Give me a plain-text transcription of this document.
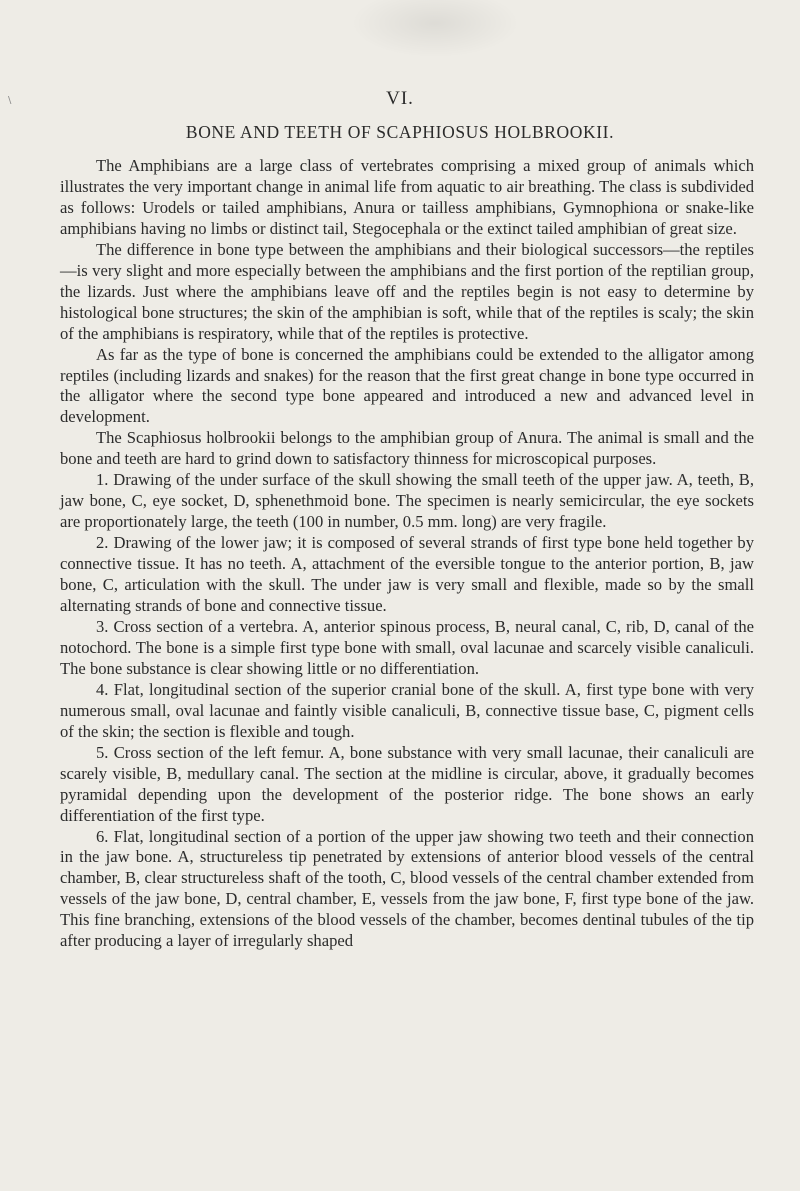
\	VI.
BONE AND TEETH OF SCAPHIOSUS HOLBROOKII.

The Amphibians are a large class of vertebrates comprising a mixed group of animals which illustrates the very important change in animal life from aquatic to air breathing. The class is subdivided as follows: Urodels or tailed amphibians, Anura or tailless amphibians, Gymnophiona or snake-like amphibians having no limbs or distinct tail, Stegocephala or the extinct tailed amphibian of great size.

The difference in bone type between the amphibians and their biological successors—the reptiles—is very slight and more especially between the amphibians and the first portion of the reptilian group, the lizards. Just where the amphibians leave off and the reptiles begin is not easy to determine by histological bone structures; the skin of the amphibian is soft, while that of the reptiles is scaly; the skin of the amphibians is respiratory, while that of the reptiles is protective.

As far as the type of bone is concerned the amphibians could be extended to the alligator among reptiles (including lizards and snakes) for the reason that the first great change in bone type occurred in the alligator where the second type bone appeared and introduced a new and advanced level in development.

The Scaphiosus holbrookii belongs to the amphibian group of Anura. The animal is small and the bone and teeth are hard to grind down to satisfactory thinness for microscopical purposes.

1. Drawing of the under surface of the skull showing the small teeth of the upper jaw. A, teeth, B, jaw bone, C, eye socket, D, sphenethmoid bone. The specimen is nearly semicircular, the eye sockets are proportionately large, the teeth (100 in number, 0.5 mm. long) are very fragile.

2. Drawing of the lower jaw; it is composed of several strands of first type bone held together by connective tissue. It has no teeth. A, attachment of the eversible tongue to the anterior portion, B, jaw bone, C, articulation with the skull. The under jaw is very small and flexible, made so by the small alternating strands of bone and connective tissue.

3. Cross section of a vertebra. A, anterior spinous process, B, neural canal, C, rib, D, canal of the notochord. The bone is a simple first type bone with small, oval lacunae and scarcely visible canaliculi. The bone substance is clear showing little or no differentiation.

4. Flat, longitudinal section of the superior cranial bone of the skull. A, first type bone with very numerous small, oval lacunae and faintly visible canaliculi, B, connective tissue base, C, pigment cells of the skin; the section is flexible and tough.

5. Cross section of the left femur. A, bone substance with very small lacunae, their canaliculi are scarely visible, B, medullary canal. The section at the midline is circular, above, it gradually becomes pyramidal depending upon the development of the posterior ridge. The bone shows an early differentiation of the first type.

6. Flat, longitudinal section of a portion of the upper jaw showing two teeth and their connection in the jaw bone. A, structureless tip penetrated by extensions of anterior blood vessels of the central chamber, B, clear structureless shaft of the tooth, C, blood vessels of the central chamber extended from vessels of the jaw bone, D, central chamber, E, vessels from the jaw bone, F, first type bone of the jaw. This fine branching, extensions of the blood vessels of the chamber, becomes dentinal tubules of the tip after producing a layer of irregularly shaped
